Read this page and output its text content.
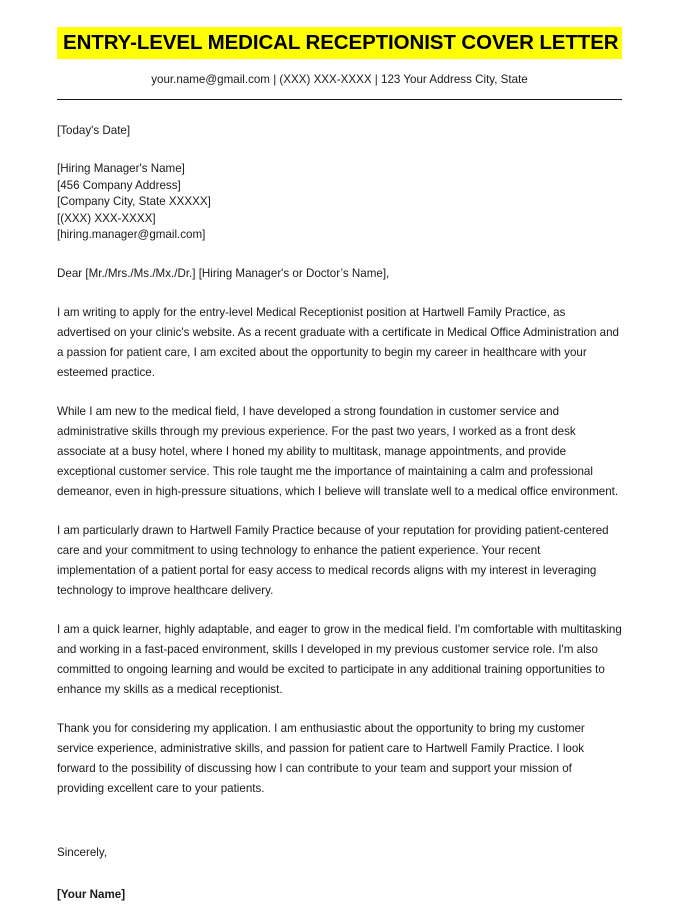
ENTRY-LEVEL MEDICAL RECEPTIONIST COVER LETTER
your.name@gmail.com | (XXX) XXX-XXXX | 123 Your Address City, State
[Today's Date]
[Hiring Manager's Name]
[456 Company Address]
[Company City, State XXXXX]
[(XXX) XXX-XXXX]
[hiring.manager@gmail.com]
Dear [Mr./Mrs./Ms./Mx./Dr.] [Hiring Manager's or Doctor’s Name],

I am writing to apply for the entry-level Medical Receptionist position at Hartwell Family Practice, as advertised on your clinic's website. As a recent graduate with a certificate in Medical Office Administration and a passion for patient care, I am excited about the opportunity to begin my career in healthcare with your esteemed practice.

While I am new to the medical field, I have developed a strong foundation in customer service and administrative skills through my previous experience. For the past two years, I worked as a front desk associate at a busy hotel, where I honed my ability to multitask, manage appointments, and provide exceptional customer service. This role taught me the importance of maintaining a calm and professional demeanor, even in high-pressure situations, which I believe will translate well to a medical office environment.

I am particularly drawn to Hartwell Family Practice because of your reputation for providing patient-centered care and your commitment to using technology to enhance the patient experience. Your recent implementation of a patient portal for easy access to medical records aligns with my interest in leveraging technology to improve healthcare delivery.

I am a quick learner, highly adaptable, and eager to grow in the medical field. I'm comfortable with multitasking and working in a fast-paced environment, skills I developed in my previous customer service role. I'm also committed to ongoing learning and would be excited to participate in any additional training opportunities to enhance my skills as a medical receptionist.

Thank you for considering my application. I am enthusiastic about the opportunity to bring my customer service experience, administrative skills, and passion for patient care to Hartwell Family Practice. I look forward to the possibility of discussing how I can contribute to your team and support your mission of providing excellent care to your patients.

Sincerely,
[Your Name]
